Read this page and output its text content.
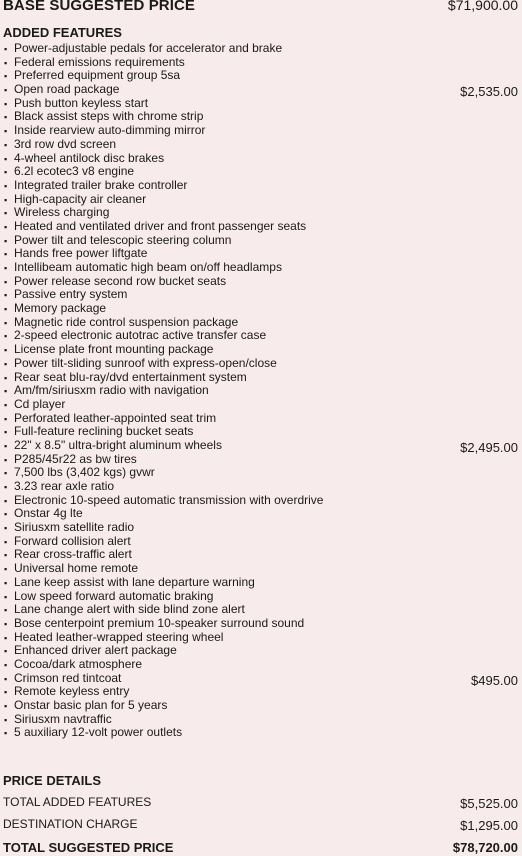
BASE SUGGESTED PRICE	$71,900.00
ADDED FEATURES
▪ Power-adjustable pedals for accelerator and brake
▪ Federal emissions requirements
▪ Preferred equipment group 5sa
▪ Open road package	$2,535.00
▪ Push button keyless start
▪ Black assist steps with chrome strip
▪ Inside rearview auto-dimming mirror
▪ 3rd row dvd screen
▪ 4-wheel antilock disc brakes
▪ 6.2l ecotec3 v8 engine
▪ Integrated trailer brake controller
▪ High-capacity air cleaner
▪ Wireless charging
▪ Heated and ventilated driver and front passenger seats
▪ Power tilt and telescopic steering column
▪ Hands free power liftgate
▪ Intellibeam automatic high beam on/off headlamps
▪ Power release second row bucket seats
▪ Passive entry system
▪ Memory package
▪ Magnetic ride control suspension package
▪ 2-speed electronic autotrac active transfer case
▪ License plate front mounting package
▪ Power tilt-sliding sunroof with express-open/close
▪ Rear seat blu-ray/dvd entertainment system
▪ Am/fm/siriusxm radio with navigation
▪ Cd player
▪ Perforated leather-appointed seat trim
▪ Full-feature reclining bucket seats
▪ 22" x 8.5" ultra-bright aluminum wheels	$2,495.00
▪ P285/45r22 as bw tires
▪ 7,500 lbs (3,402 kgs) gvwr
▪ 3.23 rear axle ratio
▪ Electronic 10-speed automatic transmission with overdrive
▪ Onstar 4g lte
▪ Siriusxm satellite radio
▪ Forward collision alert
▪ Rear cross-traffic alert
▪ Universal home remote
▪ Lane keep assist with lane departure warning
▪ Low speed forward automatic braking
▪ Lane change alert with side blind zone alert
▪ Bose centerpoint premium 10-speaker surround sound
▪ Heated leather-wrapped steering wheel
▪ Enhanced driver alert package
▪ Cocoa/dark atmosphere
▪ Crimson red tintcoat	$495.00
▪ Remote keyless entry
▪ Onstar basic plan for 5 years
▪ Siriusxm navtraffic
▪ 5 auxiliary 12-volt power outlets
PRICE DETAILS
TOTAL ADDED FEATURES	$5,525.00
DESTINATION CHARGE	$1,295.00
TOTAL SUGGESTED PRICE	$78,720.00
